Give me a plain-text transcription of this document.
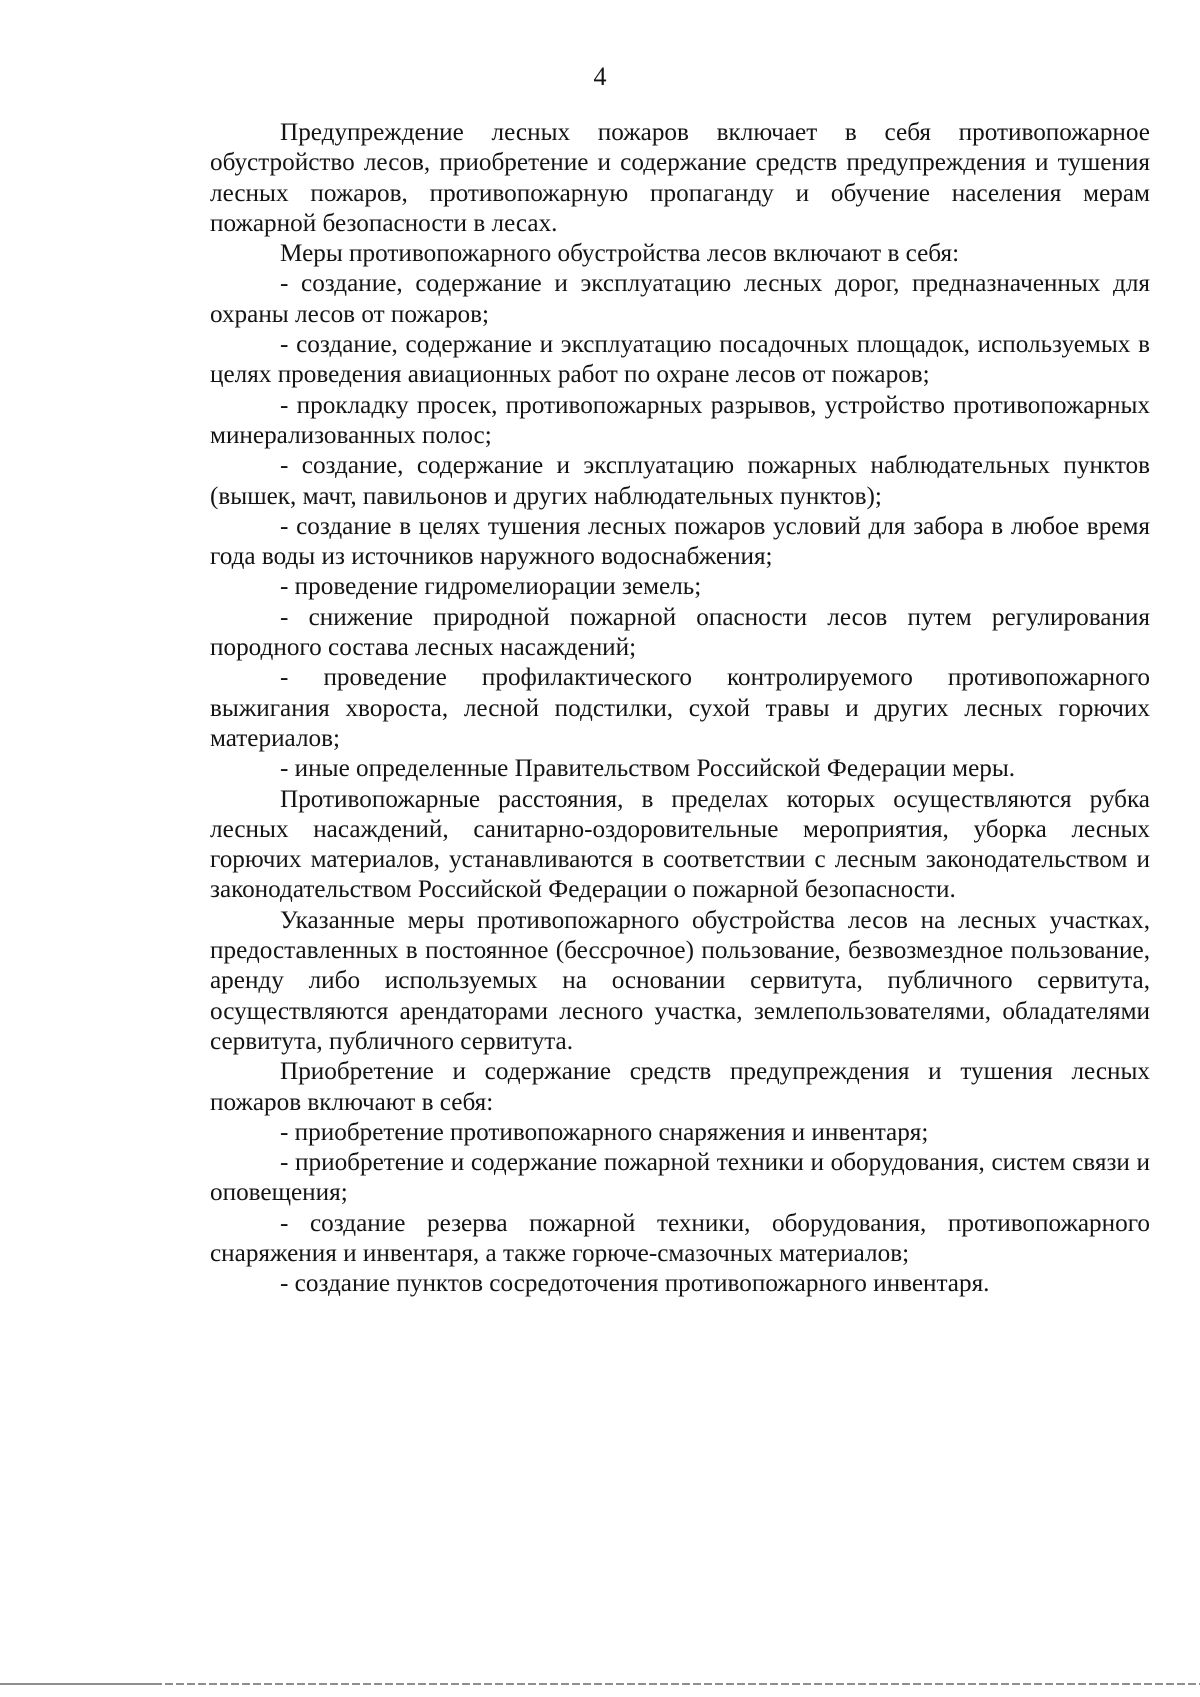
4

Предупреждение лесных пожаров включает в себя противопожарное обустройство лесов, приобретение и содержание средств предупреждения и тушения лесных пожаров, противопожарную пропаганду и обучение населения мерам пожарной безопасности в лесах.

Меры противопожарного обустройства лесов включают в себя:

- создание, содержание и эксплуатацию лесных дорог, предназначенных для охраны лесов от пожаров;

- создание, содержание и эксплуатацию посадочных площадок, используемых в целях проведения авиационных работ по охране лесов от пожаров;

- прокладку просек, противопожарных разрывов, устройство противопожарных минерализованных полос;

- создание, содержание и эксплуатацию пожарных наблюдательных пунктов (вышек, мачт, павильонов и других наблюдательных пунктов);

- создание в целях тушения лесных пожаров условий для забора в любое время года воды из источников наружного водоснабжения;

- проведение гидромелиорации земель;

- снижение природной пожарной опасности лесов путем регулирования породного состава лесных насаждений;

- проведение профилактического контролируемого противопожарного выжигания хвороста, лесной подстилки, сухой травы и других лесных горючих материалов;

- иные определенные Правительством Российской Федерации меры.

Противопожарные расстояния, в пределах которых осуществляются рубка лесных насаждений, санитарно-оздоровительные мероприятия, уборка лесных горючих материалов, устанавливаются в соответствии с лесным законодательством и законодательством Российской Федерации о пожарной безопасности.

Указанные меры противопожарного обустройства лесов на лесных участках, предоставленных в постоянное (бессрочное) пользование, безвозмездное пользование, аренду либо используемых на основании сервитута, публичного сервитута, осуществляются арендаторами лесного участка, землепользователями, обладателями сервитута, публичного сервитута.

Приобретение и содержание средств предупреждения и тушения лесных пожаров включают в себя:

- приобретение противопожарного снаряжения и инвентаря;

- приобретение и содержание пожарной техники и оборудования, систем связи и оповещения;

- создание резерва пожарной техники, оборудования, противопожарного снаряжения и инвентаря, а также горюче-смазочных материалов;

- создание пунктов сосредоточения противопожарного инвентаря.
